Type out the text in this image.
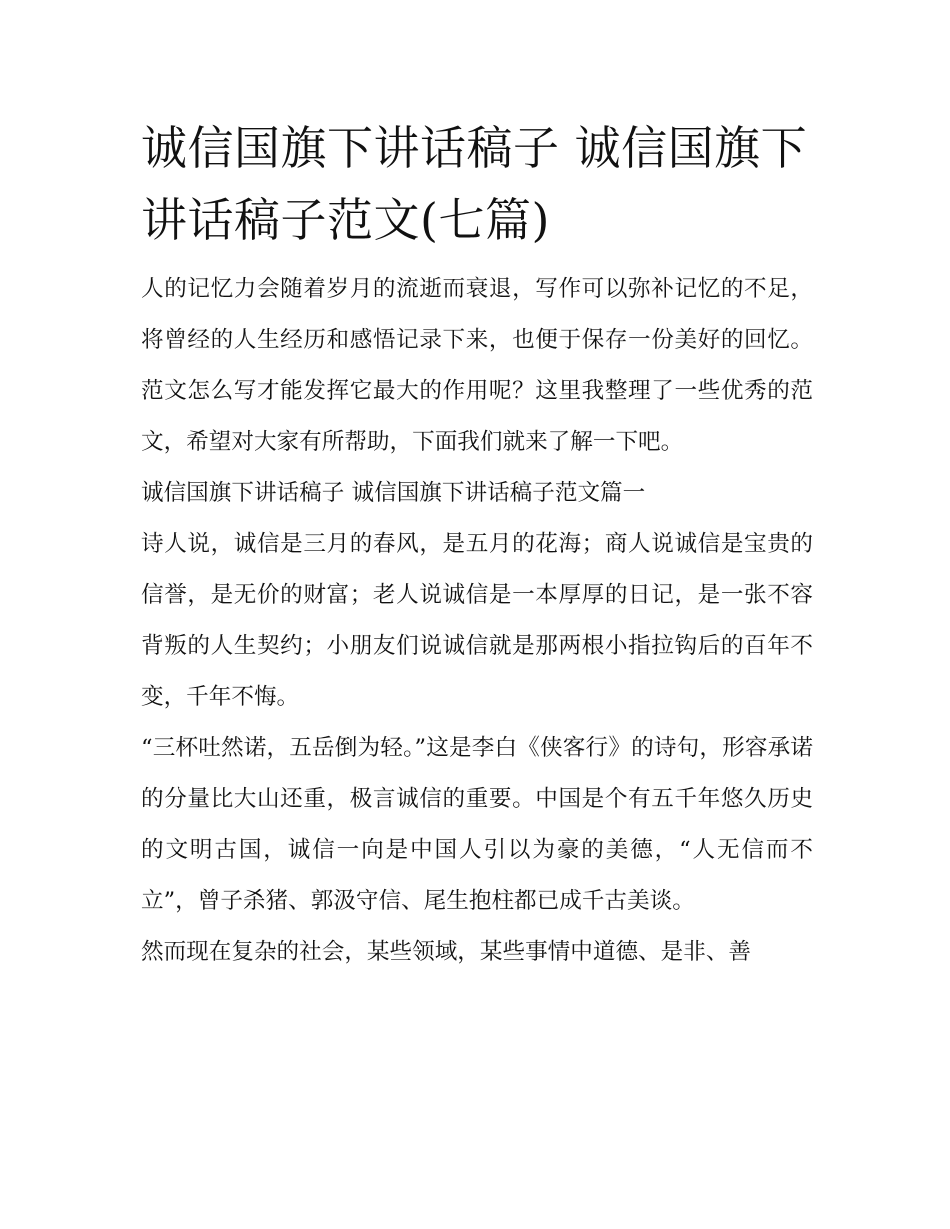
诚信国旗下讲话稿子 诚信国旗下讲话稿子范文(七篇)

人的记忆力会随着岁月的流逝而衰退，写作可以弥补记忆的不足，将曾经的人生经历和感悟记录下来，也便于保存一份美好的回忆。范文怎么写才能发挥它最大的作用呢？这里我整理了一些优秀的范文，希望对大家有所帮助，下面我们就来了解一下吧。

诚信国旗下讲话稿子 诚信国旗下讲话稿子范文篇一

诗人说，诚信是三月的春风，是五月的花海；商人说诚信是宝贵的信誉，是无价的财富；老人说诚信是一本厚厚的日记，是一张不容背叛的人生契约；小朋友们说诚信就是那两根小指拉钩后的百年不变，千年不悔。

“三杯吐然诺，五岳倒为轻。”这是李白《侠客行》的诗句，形容承诺的分量比大山还重，极言诚信的重要。中国是个有五千年悠久历史的文明古国，诚信一向是中国人引以为豪的美德，“人无信而不立”，曾子杀猪、郭汲守信、尾生抱柱都已成千古美谈。

然而现在复杂的社会，某些领域，某些事情中道德、是非、善
